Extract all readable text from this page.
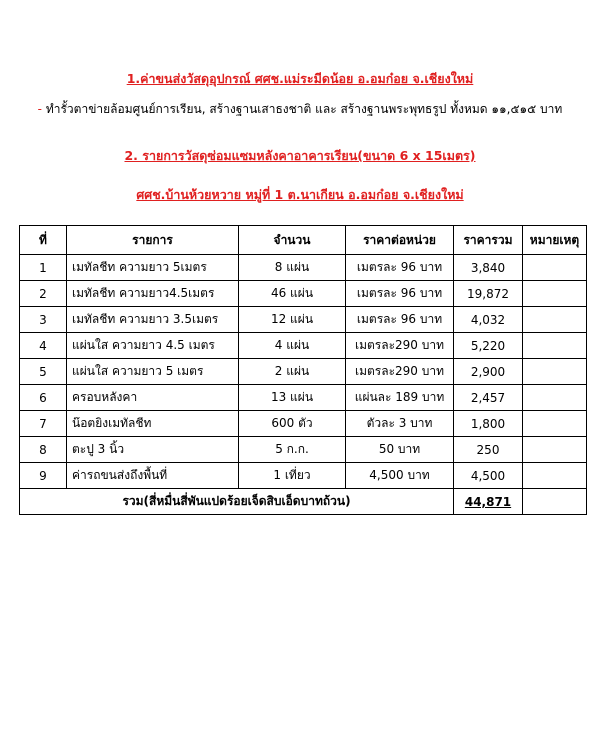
1.ค่าขนส่งวัสดุอุปกรณ์ ศศช.แม่ระมีดน้อย อ.อมก๋อย จ.เชียงใหม่
- ทำรั้วตาข่ายล้อมศูนย์การเรียน, สร้างฐานเสาธงชาติ และ สร้างฐานพระพุทธรูป ทั้งหมด ๑๑,๕๑๕ บาท
2. รายการวัสดุซ่อมแซมหลังคาอาคารเรียน(ขนาด 6 x 15เมตร)
ศศช.บ้านห้วยหวาย หมู่ที่ 1 ต.นาเกียน อ.อมก๋อย จ.เชียงใหม่
ที่	รายการ	จำนวน	ราคาต่อหน่วย	ราคารวม	หมายเหตุ
1	เมทัลชีท ความยาว 5เมตร	8 แผ่น	เมตรละ 96 บาท	3,840	
2	เมทัลชีท ความยาว4.5เมตร	46 แผ่น	เมตรละ 96 บาท	19,872	
3	เมทัลชีท ความยาว 3.5เมตร	12 แผ่น	เมตรละ 96 บาท	4,032	
4	แผ่นใส ความยาว 4.5 เมตร	4 แผ่น	เมตรละ290 บาท	5,220	
5	แผ่นใส ความยาว 5 เมตร	2 แผ่น	เมตรละ290 บาท	2,900	
6	ครอบหลังคา	13 แผ่น	แผ่นละ 189 บาท	2,457	
7	น๊อตยิงเมทัลชีท	600 ตัว	ตัวละ 3 บาท	1,800	
8	ตะปู 3 นิ้ว	5 ก.ก.	50 บาท	250	
9	ค่ารถขนส่งถึงพื้นที่	1 เที่ยว	4,500 บาท	4,500	
รวม(สี่หมื่นสี่พันแปดร้อยเจ็ดสิบเอ็ดบาทถ้วน)				44,871	
